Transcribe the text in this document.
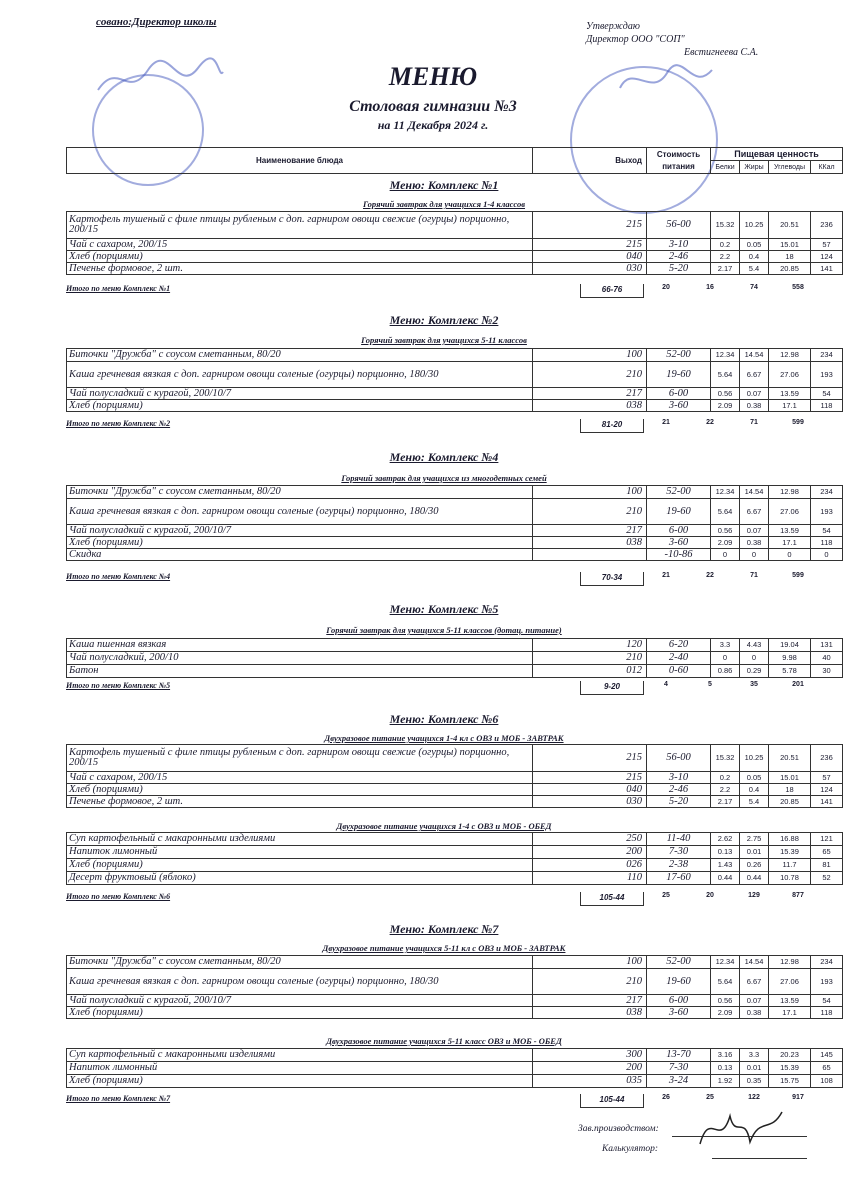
сoвано:Директор школы	Утверждаю
Директор ООО "СОП"
Евстигнеева С.А.
МЕНЮ
Столовая гимназии №3
на 11 Декабря 2024 г.
Наименование блюда	Выход		Стоимость питания	Пищевая ценность			
			Белки	Жиры	Углеводы	ККал
Меню: Комплекс №1
Горячий завтрак для учащихся 1-4 классов
Картофель тушеный с филе птицы рубленым с доп. гарниром овощи свежие (огурцы) порционно, 200/15	215	56-00	15.32	10.25	20.51	236
Чай с сахаром, 200/15	215	3-10	0.2	0.05	15.01	57
Хлеб (порциями)	040	2-46	2.2	0.4	18	124
Печенье формовое, 2 шт.	030	5-20	2.17	5.4	20.85	141
Итого по меню Комплекс №1	66-76	20	16	74	558
Меню: Комплекс №2
Горячий завтрак для учащихся 5-11 классов
Биточки "Дружба" с соусом сметанным, 80/20	100	52-00	12.34	14.54	12.98	234
Каша гречневая вязкая с доп. гарниром овощи соленые (огурцы) порционно, 180/30	210	19-60	5.64	6.67	27.06	193
Чай полусладкий с курагой, 200/10/7	217	6-00	0.56	0.07	13.59	54
Хлеб (порциями)	038	3-60	2.09	0.38	17.1	118
Итого по меню Комплекс №2	81-20	21	22	71	599
Меню: Комплекс №4
Горячий завтрак для учащихся из многодетных семей
Биточки "Дружба" с соусом сметанным, 80/20	100	52-00	12.34	14.54	12.98	234
Каша гречневая вязкая с доп. гарниром овощи соленые (огурцы) порционно, 180/30	210	19-60	5.64	6.67	27.06	193
Чай полусладкий с курагой, 200/10/7	217	6-00	0.56	0.07	13.59	54
Хлеб (порциями)	038	3-60	2.09	0.38	17.1	118
Скидка		-10-86	0	0	0	0
Итого по меню Комплекс №4	70-34	21	22	71	599
Меню: Комплекс №5
Горячий завтрак для учащихся 5-11 классов (дотац. питание)
Каша пшенная вязкая	120	6-20	3.3	4.43	19.04	131
Чай полусладкий, 200/10	210	2-40	0	0	9.98	40
Батон	012	0-60	0.86	0.29	5.78	30
Итого по меню Комплекс №5	9-20	4	5	35	201
Меню: Комплекс №6
Двухразовое питание учащихся 1-4 кл с ОВЗ и МОБ - ЗАВТРАК
Картофель тушеный с филе птицы рубленым с доп. гарниром овощи свежие (огурцы) порционно, 200/15	215	56-00	15.32	10.25	20.51	236
Чай с сахаром, 200/15	215	3-10	0.2	0.05	15.01	57
Хлеб (порциями)	040	2-46	2.2	0.4	18	124
Печенье формовое, 2 шт.	030	5-20	2.17	5.4	20.85	141
Двухразовое питание учащихся 1-4 с ОВЗ и МОБ - ОБЕД
Суп картофельный с макаронными изделиями	250	11-40	2.62	2.75	16.88	121
Напиток лимонный	200	7-30	0.13	0.01	15.39	65
Хлеб (порциями)	026	2-38	1.43	0.26	11.7	81
Десерт фруктовый (яблоко)	110	17-60	0.44	0.44	10.78	52
Итого по меню Комплекс №6	105-44	25	20	129	877
Меню: Комплекс №7
Двухразовое питание учащихся 5-11 кл с ОВЗ и МОБ - ЗАВТРАК
Биточки "Дружба" с соусом сметанным, 80/20	100	52-00	12.34	14.54	12.98	234
Каша гречневая вязкая с доп. гарниром овощи соленые (огурцы) порционно, 180/30	210	19-60	5.64	6.67	27.06	193
Чай полусладкий с курагой, 200/10/7	217	6-00	0.56	0.07	13.59	54
Хлеб (порциями)	038	3-60	2.09	0.38	17.1	118
Двухразовое питание учащихся 5-11 класс ОВЗ и МОБ - ОБЕД
Суп картофельный с макаронными изделиями	300	13-70	3.16	3.3	20.23	145
Напиток лимонный	200	7-30	0.13	0.01	15.39	65
Хлеб (порциями)	035	3-24	1.92	0.35	15.75	108
Итого по меню Комплекс №7	105-44	26	25	122	917
Зав.производством:
Калькулятор:
